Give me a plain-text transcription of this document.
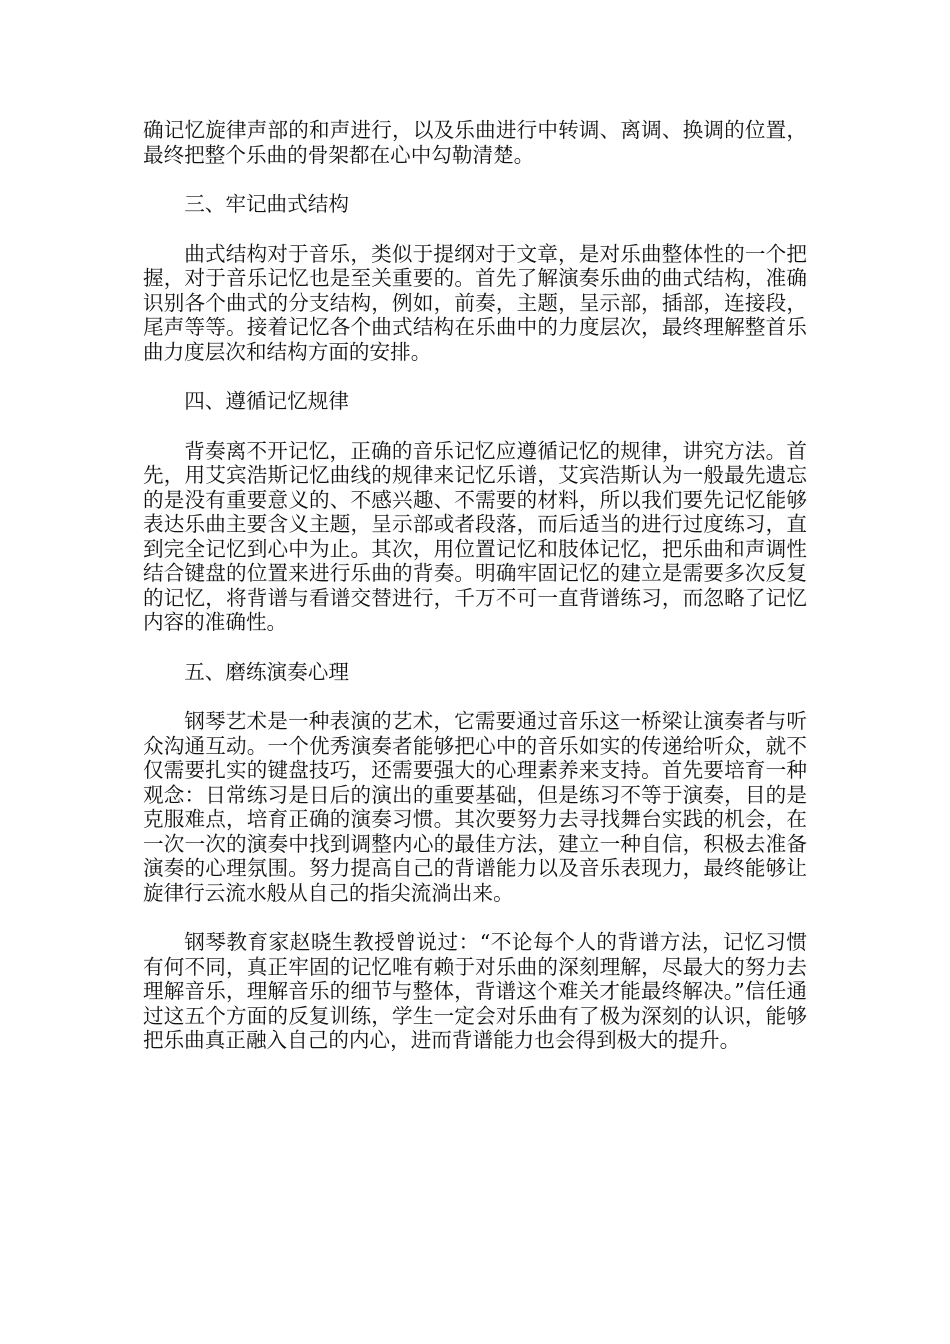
确记忆旋律声部的和声进行，以及乐曲进行中转调、离调、换调的位置，最终把整个乐曲的骨架都在心中勾勒清楚。

三、牢记曲式结构

曲式结构对于音乐，类似于提纲对于文章，是对乐曲整体性的一个把握，对于音乐记忆也是至关重要的。首先了解演奏乐曲的曲式结构，准确识别各个曲式的分支结构，例如，前奏，主题，呈示部，插部，连接段，尾声等等。接着记忆各个曲式结构在乐曲中的力度层次，最终理解整首乐曲力度层次和结构方面的安排。

四、遵循记忆规律

背奏离不开记忆，正确的音乐记忆应遵循记忆的规律，讲究方法。首先，用艾宾浩斯记忆曲线的规律来记忆乐谱，艾宾浩斯认为一般最先遗忘的是没有重要意义的、不感兴趣、不需要的材料，所以我们要先记忆能够表达乐曲主要含义主题，呈示部或者段落，而后适当的进行过度练习，直到完全记忆到心中为止。其次，用位置记忆和肢体记忆，把乐曲和声调性结合键盘的位置来进行乐曲的背奏。明确牢固记忆的建立是需要多次反复的记忆，将背谱与看谱交替进行，千万不可一直背谱练习，而忽略了记忆内容的准确性。

五、磨练演奏心理

钢琴艺术是一种表演的艺术，它需要通过音乐这一桥梁让演奏者与听众沟通互动。一个优秀演奏者能够把心中的音乐如实的传递给听众，就不仅需要扎实的键盘技巧，还需要强大的心理素养来支持。首先要培育一种观念：日常练习是日后的演出的重要基础，但是练习不等于演奏，目的是克服难点，培育正确的演奏习惯。其次要努力去寻找舞台实践的机会，在一次一次的演奏中找到调整内心的最佳方法，建立一种自信，积极去准备演奏的心理氛围。努力提高自己的背谱能力以及音乐表现力，最终能够让旋律行云流水般从自己的指尖流淌出来。

钢琴教育家赵晓生教授曾说过：“不论每个人的背谱方法，记忆习惯有何不同，真正牢固的记忆唯有赖于对乐曲的深刻理解，尽最大的努力去理解音乐，理解音乐的细节与整体，背谱这个难关才能最终解决。”信任通过这五个方面的反复训练，学生一定会对乐曲有了极为深刻的认识，能够把乐曲真正融入自己的内心，进而背谱能力也会得到极大的提升。
